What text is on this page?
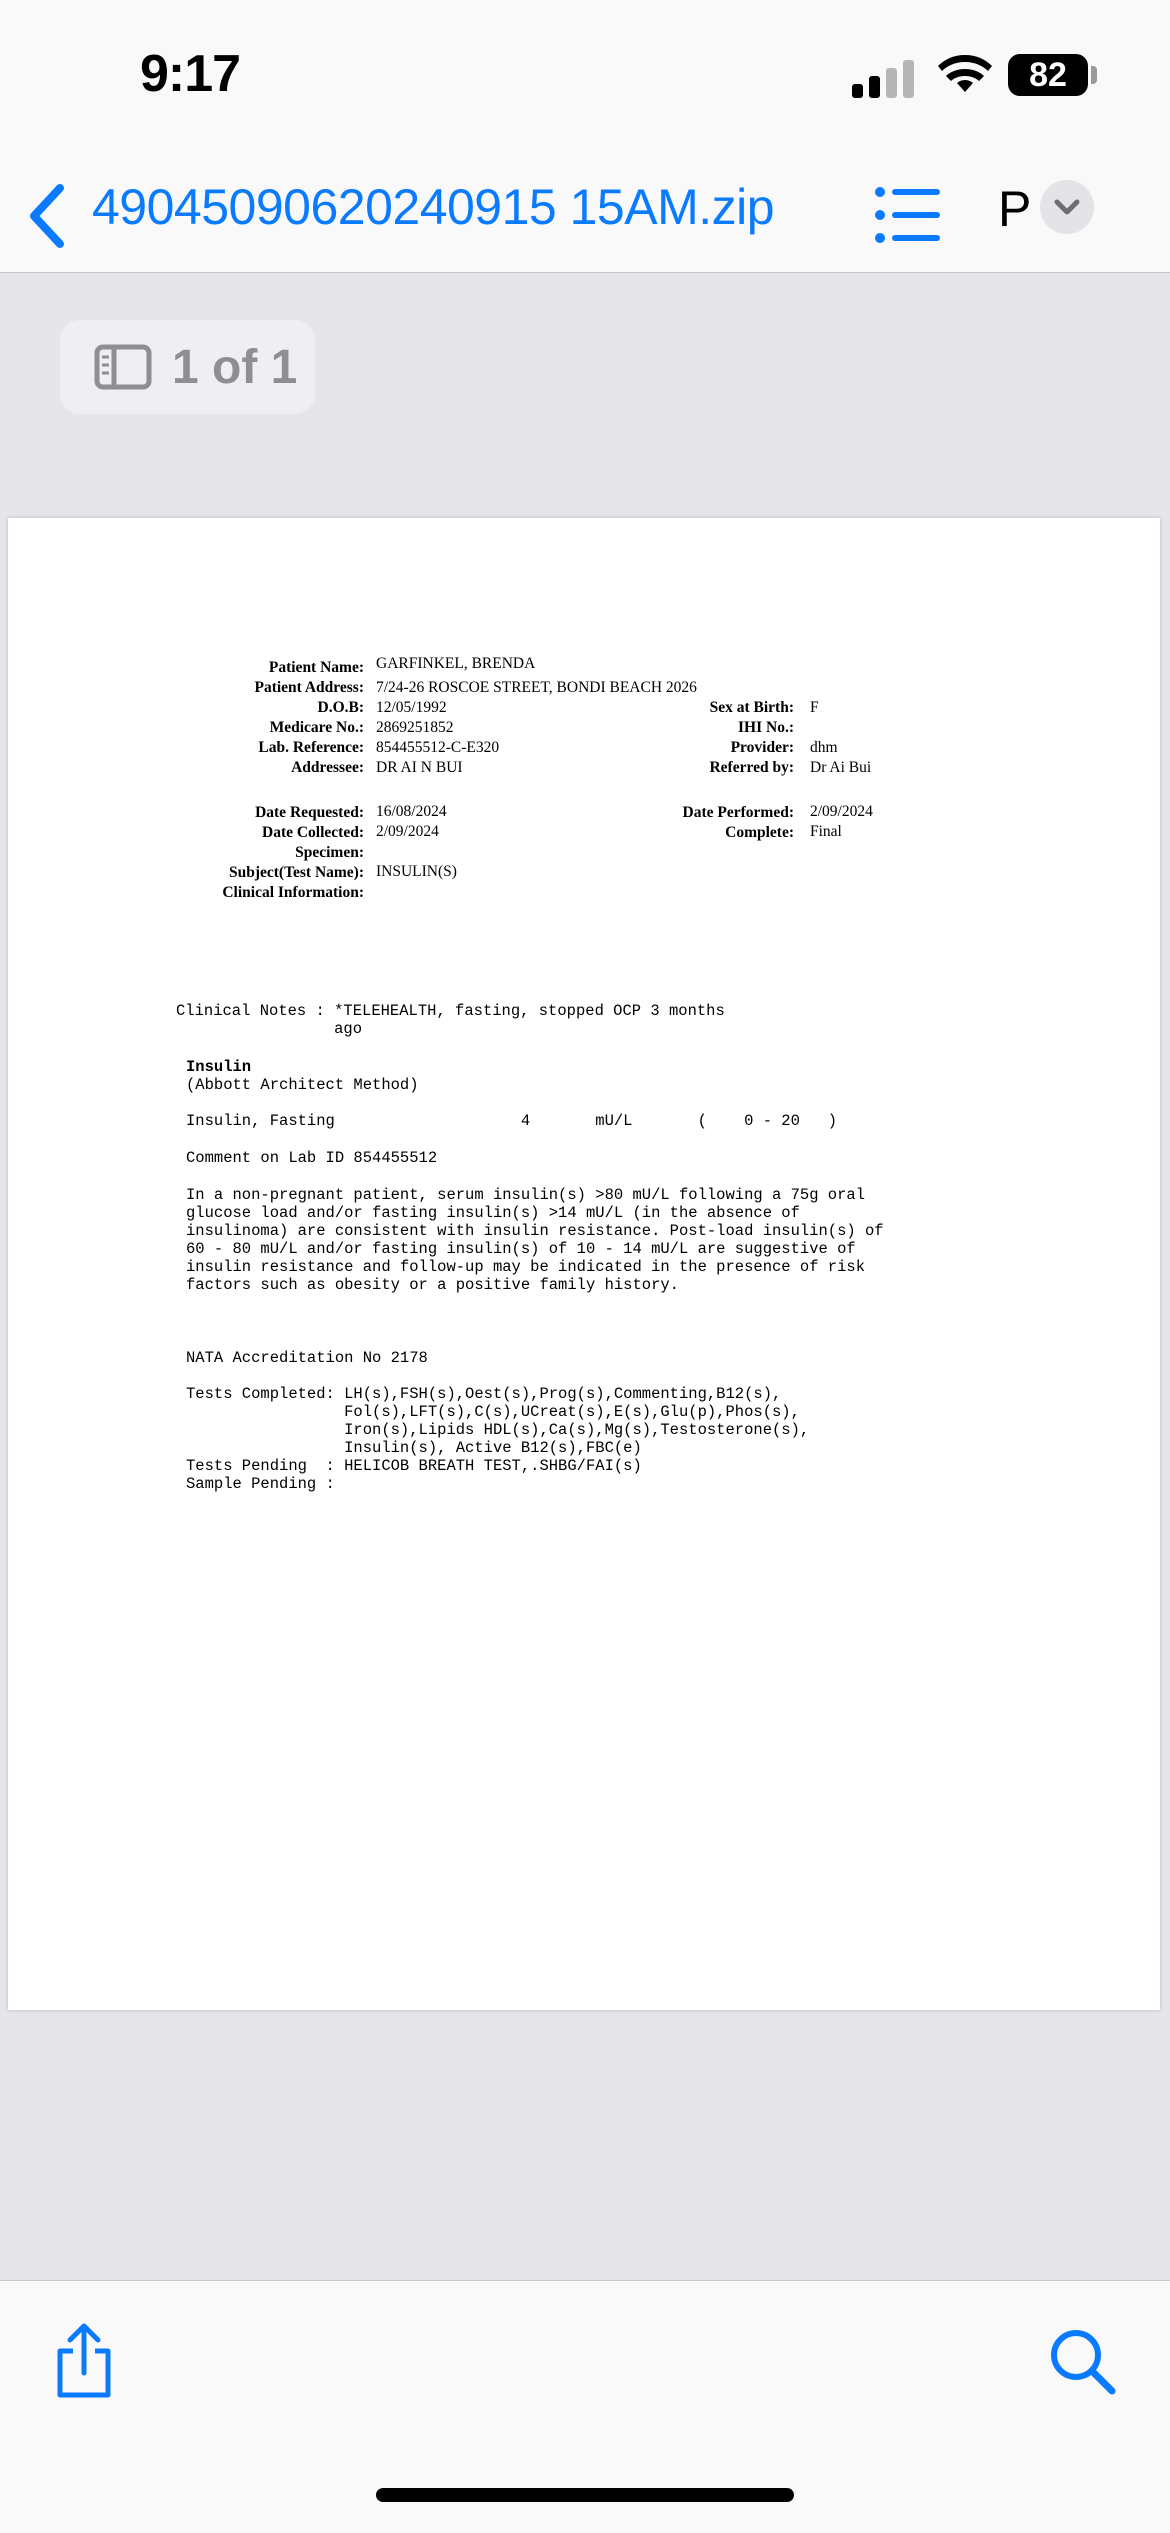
9:17	82
49045090620240915 15AM.zip	P
1 of 1
Patient Name: GARFINKEL, BRENDA
Patient Address: 7/24-26 ROSCOE STREET, BONDI BEACH 2026
D.O.B: 12/05/1992
Medicare No.: 2869251852
Lab. Reference: 854455512-C-E320
Addressee: DR AI N BUI
Sex at Birth: F
IHI No.:
Provider: dhm
Referred by: Dr Ai Bui
Date Requested: 16/08/2024
Date Collected: 2/09/2024
Specimen:
Subject(Test Name): INSULIN(S)
Clinical Information:
Date Performed: 2/09/2024
Complete: Final
Clinical Notes : *TELEHEALTH, fasting, stopped OCP 3 months
ago
Insulin
(Abbott Architect Method)
Insulin, Fasting                    4       mU/L       (    0 - 20   )
Comment on Lab ID 854455512
In a non-pregnant patient, serum insulin(s) >80 mU/L following a 75g oral
glucose load and/or fasting insulin(s) >14 mU/L (in the absence of
insulinoma) are consistent with insulin resistance. Post-load insulin(s) of
60 - 80 mU/L and/or fasting insulin(s) of 10 - 14 mU/L are suggestive of
insulin resistance and follow-up may be indicated in the presence of risk
factors such as obesity or a positive family history.
NATA Accreditation No 2178
Tests Completed: LH(s),FSH(s),Oest(s),Prog(s),Commenting,B12(s),
Fol(s),LFT(s),C(s),UCreat(s),E(s),Glu(p),Phos(s),
Iron(s),Lipids HDL(s),Ca(s),Mg(s),Testosterone(s),
Insulin(s), Active B12(s),FBC(e)
Tests Pending  : HELICOB BREATH TEST,.SHBG/FAI(s)
Sample Pending :
